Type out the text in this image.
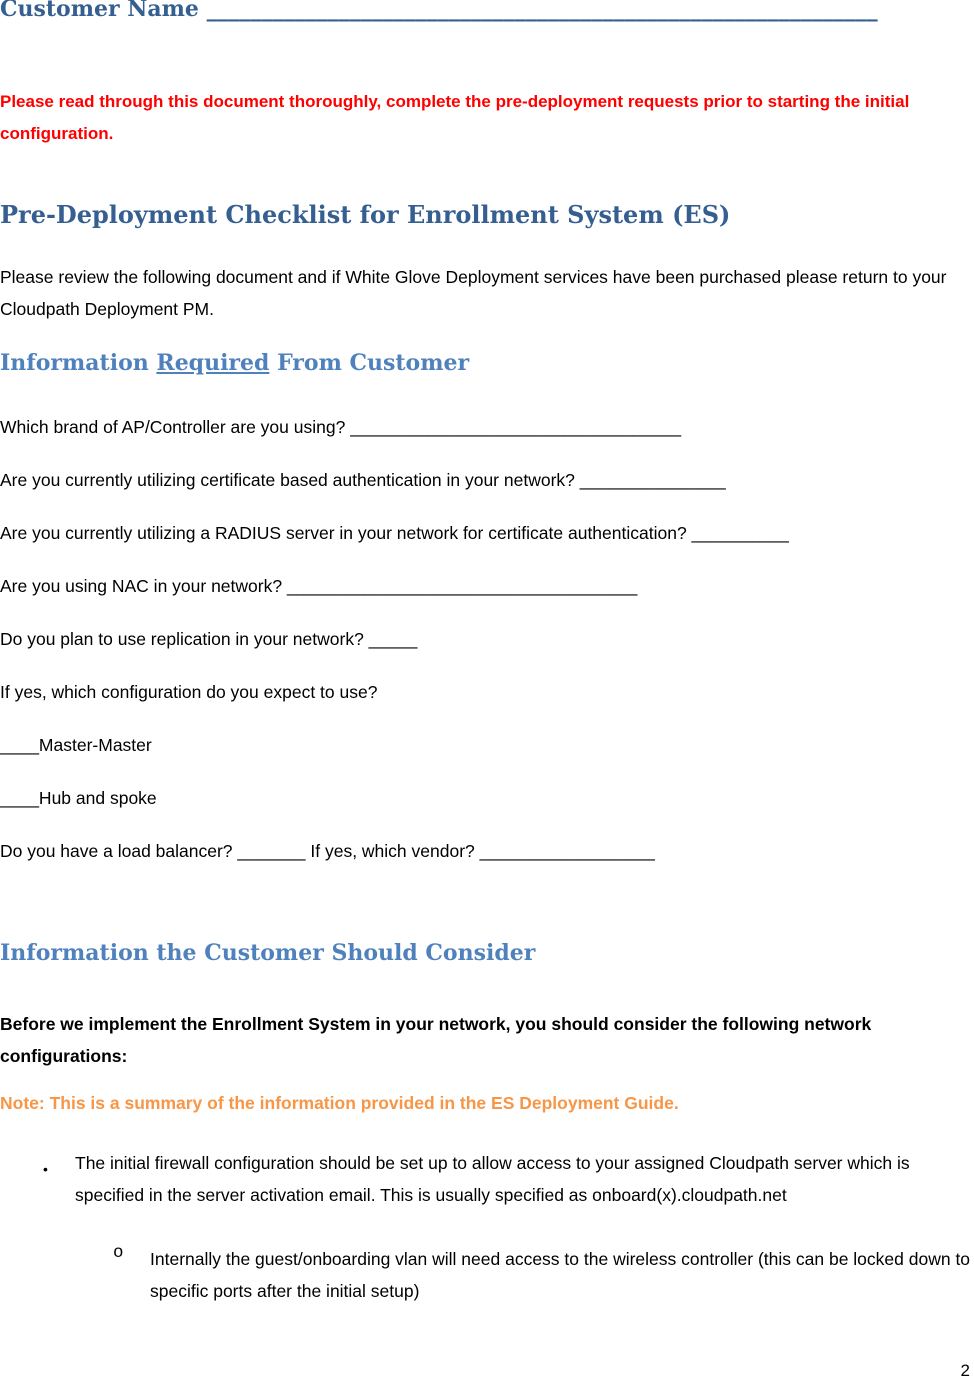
Customer Name _____________________________________________________________
Please read through this document thoroughly, complete the pre-deployment requests prior to starting the initial configuration.
Pre-Deployment Checklist for Enrollment System (ES)
Please review the following document and if White Glove Deployment services have been purchased please return to your Cloudpath Deployment PM.
Information Required From Customer
Which brand of AP/Controller are you using? __________________________________
Are you currently utilizing certificate based authentication in your network? _______________
Are you currently utilizing a RADIUS server in your network for certificate authentication? __________
Are you using NAC in your network? ____________________________________
Do you plan to use replication in your network? _____
If yes, which configuration do you expect to use?
____Master-Master
____Hub and spoke
Do you have a load balancer? _______ If yes, which vendor? __________________
Information the Customer Should Consider
Before we implement the Enrollment System in your network, you should consider the following network configurations:
Note: This is a summary of the information provided in the ES Deployment Guide.
• The initial firewall configuration should be set up to allow access to your assigned Cloudpath server which is specified in the server activation email. This is usually specified as onboard(x).cloudpath.net
o Internally the guest/onboarding vlan will need access to the wireless controller (this can be locked down to specific ports after the initial setup)
2
